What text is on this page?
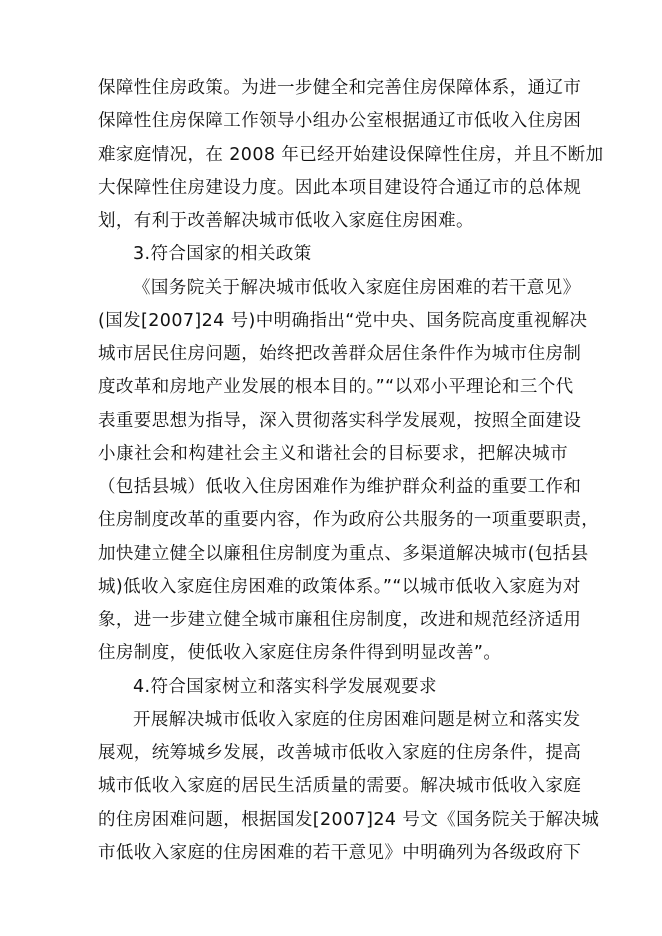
保障性住房政策。为进一步健全和完善住房保障体系，通辽市
保障性住房保障工作领导小组办公室根据通辽市低收入住房困
难家庭情况，在 2008 年已经开始建设保障性住房，并且不断加
大保障性住房建设力度。因此本项目建设符合通辽市的总体规
划，有利于改善解决城市低收入家庭住房困难。
3.符合国家的相关政策
《国务院关于解决城市低收入家庭住房困难的若干意见》
(国发[2007]24 号)中明确指出“党中央、国务院高度重视解决
城市居民住房问题，始终把改善群众居住条件作为城市住房制
度改革和房地产业发展的根本目的。”“以邓小平理论和三个代
表重要思想为指导，深入贯彻落实科学发展观，按照全面建设
小康社会和构建社会主义和谐社会的目标要求，把解决城市
（包括县城）低收入住房困难作为维护群众利益的重要工作和
住房制度改革的重要内容，作为政府公共服务的一项重要职责，
加快建立健全以廉租住房制度为重点、多渠道解决城市(包括县
城)低收入家庭住房困难的政策体系。”“以城市低收入家庭为对
象，进一步建立健全城市廉租住房制度，改进和规范经济适用
住房制度，使低收入家庭住房条件得到明显改善”。
4.符合国家树立和落实科学发展观要求
开展解决城市低收入家庭的住房困难问题是树立和落实发
展观，统筹城乡发展，改善城市低收入家庭的住房条件，提高
城市低收入家庭的居民生活质量的需要。解决城市低收入家庭
的住房困难问题，根据国发[2007]24 号文《国务院关于解决城
市低收入家庭的住房困难的若干意见》中明确列为各级政府下
